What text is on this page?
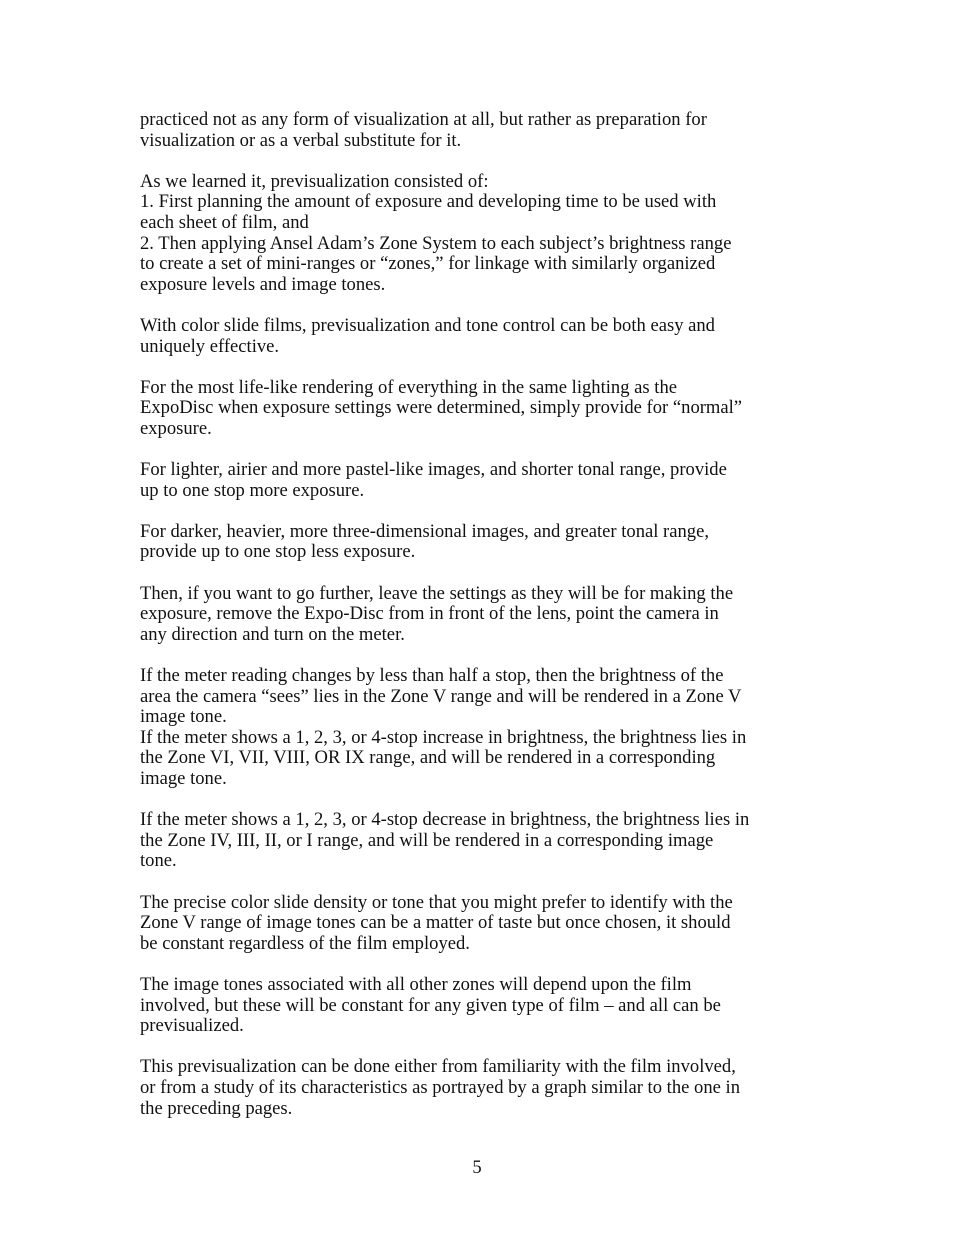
practiced not as any form of visualization at all, but rather as preparation for
visualization or as a verbal substitute for it.

As we learned it, previsualization consisted of:
1. First planning the amount of exposure and developing time to be used with
each sheet of film, and
2. Then applying Ansel Adam’s Zone System to each subject’s brightness range
to create a set of mini-ranges or “zones,” for linkage with similarly organized
exposure levels and image tones.

With color slide films, previsualization and tone control can be both easy and
uniquely effective.

For the most life-like rendering of everything in the same lighting as the
ExpoDisc when exposure settings were determined, simply provide for “normal”
exposure.

For lighter, airier and more pastel-like images, and shorter tonal range, provide
up to one stop more exposure.

For darker, heavier, more three-dimensional images, and greater tonal range,
provide up to one stop less exposure.

Then, if you want to go further, leave the settings as they will be for making the
exposure, remove the Expo-Disc from in front of the lens, point the camera in
any direction and turn on the meter.

If the meter reading changes by less than half a stop, then the brightness of the
area the camera “sees” lies in the Zone V range and will be rendered in a Zone V
image tone.
If the meter shows a 1, 2, 3, or 4-stop increase in brightness, the brightness lies in
the Zone VI, VII, VIII, OR IX range, and will be rendered in a corresponding
image tone.

If the meter shows a 1, 2, 3, or 4-stop decrease in brightness, the brightness lies in
the Zone IV, III, II, or I range, and will be rendered in a corresponding image
tone.

The precise color slide density or tone that you might prefer to identify with the
Zone V range of image tones can be a matter of taste but once chosen, it should
be constant regardless of the film employed.

The image tones associated with all other zones will depend upon the film
involved, but these will be constant for any given type of film – and all can be
previsualized.

This previsualization can be done either from familiarity with the film involved,
or from a study of its characteristics as portrayed by a graph similar to the one in
the preceding pages.

5
